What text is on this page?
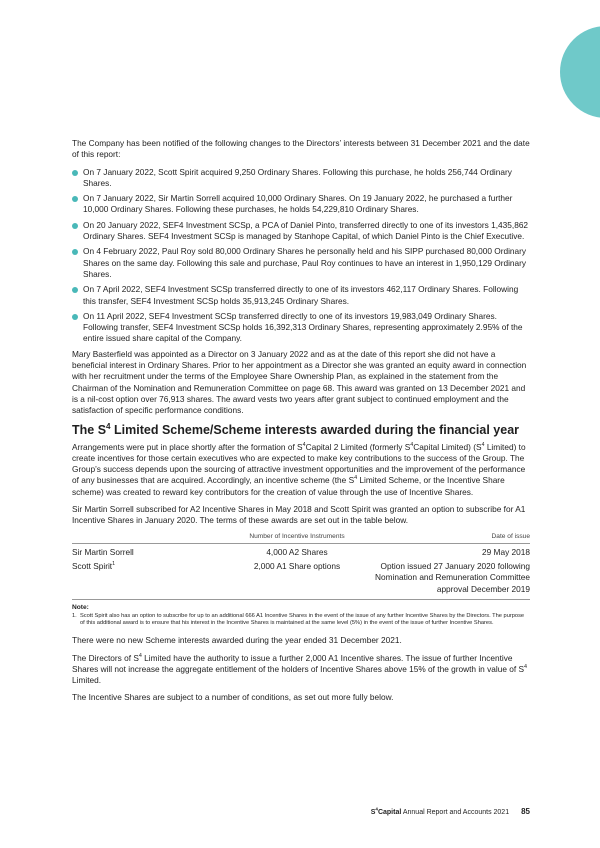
3

The Company has been notified of the following changes to the Directors’ interests between 31 December 2021 and the date of this report:

On 7 January 2022, Scott Spirit acquired 9,250 Ordinary Shares. Following this purchase, he holds 256,744 Ordinary Shares.
On 7 January 2022, Sir Martin Sorrell acquired 10,000 Ordinary Shares. On 19 January 2022, he purchased a further 10,000 Ordinary Shares. Following these purchases, he holds 54,229,810 Ordinary Shares.
On 20 January 2022, SEF4 Investment SCSp, a PCA of Daniel Pinto, transferred directly to one of its investors 1,435,862 Ordinary Shares. SEF4 Investment SCSp is managed by Stanhope Capital, of which Daniel Pinto is the Chief Executive.
On 4 February 2022, Paul Roy sold 80,000 Ordinary Shares he personally held and his SIPP purchased 80,000 Ordinary Shares on the same day. Following this sale and purchase, Paul Roy continues to have an interest in 1,950,129 Ordinary Shares.
On 7 April 2022, SEF4 Investment SCSp transferred directly to one of its investors 462,117 Ordinary Shares. Following this transfer, SEF4 Investment SCSp holds 35,913,245 Ordinary Shares.
On 11 April 2022, SEF4 Investment SCSp transferred directly to one of its investors 19,983,049 Ordinary Shares. Following transfer, SEF4 Investment SCSp holds 16,392,313 Ordinary Shares, representing approximately 2.95% of the entire issued share capital of the Company.

Mary Basterfield was appointed as a Director on 3 January 2022 and as at the date of this report she did not have a beneficial interest in Ordinary Shares. Prior to her appointment as a Director she was granted an equity award in connection with her recruitment under the terms of the Employee Share Ownership Plan, as explained in the statement from the Chairman of the Nomination and Remuneration Committee on page 68. This award was granted on 13 December 2021 and is a nil-cost option over 76,913 shares. The award vests two years after grant subject to continued employment and the satisfaction of specific performance conditions.

The $S^4$ Limited Scheme/Scheme interests awarded during the financial year

Arrangements were put in place shortly after the formation of $S^4Capital$ 2 Limited (formerly $S^4Capital$ Limited) ($S^4$ Limited) to create incentives for those certain executives who are expected to make key contributions to the success of the Group. The Group’s success depends upon the sourcing of attractive investment opportunities and the improvement of the performance of any businesses that are acquired. Accordingly, an incentive scheme (the $S^4$ Limited Scheme, or the Incentive Share scheme) was created to reward key contributors for the creation of value through the use of Incentive Shares.

Sir Martin Sorrell subscribed for A2 Incentive Shares in May 2018 and Scott Spirit was granted an option to subscribe for A1 Incentive Shares in January 2020. The terms of these awards are set out in the table below.

	Number of Incentive Instruments	Date of issue
Sir Martin Sorrell	4,000 A2 Shares	29 May 2018
Scott Spirit$^1$	2,000 A1 Share options	Option issued 27 January 2020 following Nomination and Remuneration Committee approval December 2019
Note:
1. Scott Spirit also has an option to subscribe for up to an additional 666 A1 Incentive Shares in the event of the issue of any further Incentive Shares by the Directors. The purpose of this additional award is to ensure that his interest in the Incentive Shares is maintained at the same level (5%) in the event of the issue of further Incentive Shares.

There were no new Scheme interests awarded during the year ended 31 December 2021.

The Directors of $S^4$ Limited have the authority to issue a further 2,000 A1 Incentive shares. The issue of further Incentive Shares will not increase the aggregate entitlement of the holders of Incentive Shares above 15% of the growth in value of $S^4$ Limited.

The Incentive Shares are subject to a number of conditions, as set out more fully below.

$S^4Capital$ Annual Report and Accounts 2021 85
